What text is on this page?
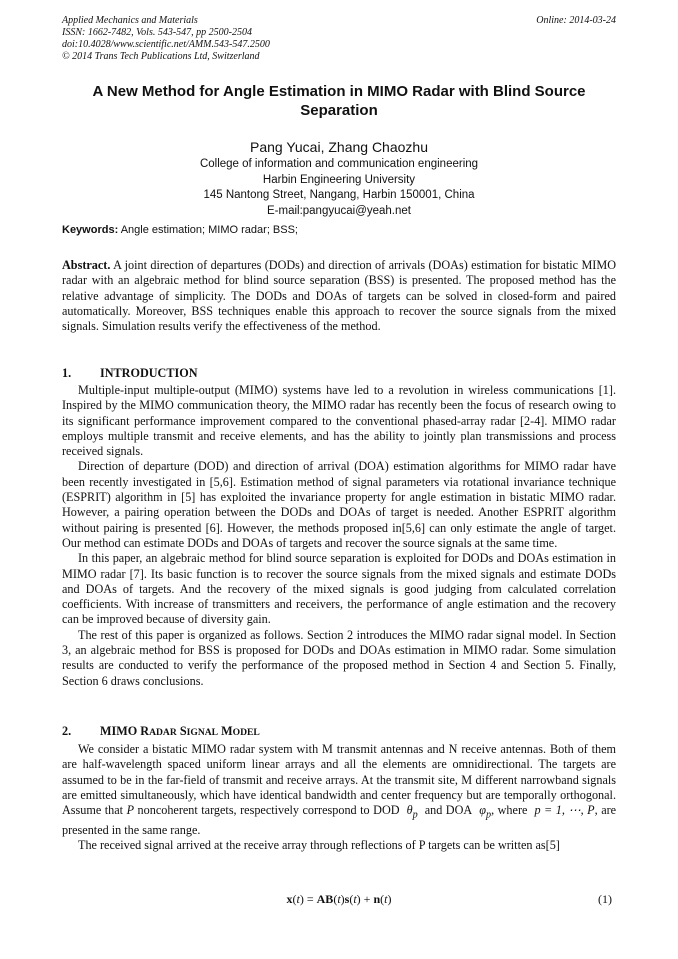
Applied Mechanics and Materials
ISSN: 1662-7482, Vols. 543-547, pp 2500-2504
doi:10.4028/www.scientific.net/AMM.543-547.2500
© 2014 Trans Tech Publications Ltd, Switzerland
Online: 2014-03-24
A New Method for Angle Estimation in MIMO Radar with Blind Source Separation
Pang Yucai, Zhang Chaozhu
College of information and communication engineering
Harbin Engineering University
145 Nantong Street, Nangang, Harbin 150001, China
E-mail:pangyucai@yeah.net
Keywords: Angle estimation; MIMO radar; BSS;

Abstract. A joint direction of departures (DODs) and direction of arrivals (DOAs) estimation for bistatic MIMO radar with an algebraic method for blind source separation (BSS) is presented. The proposed method has the relative advantage of simplicity. The DODs and DOAs of targets can be solved in closed-form and paired automatically. Moreover, BSS techniques enable this approach to recover the source signals from the mixed signals. Simulation results verify the effectiveness of the method.

1. INTRODUCTION

Multiple-input multiple-output (MIMO) systems have led to a revolution in wireless communications [1]. Inspired by the MIMO communication theory, the MIMO radar has recently been the focus of research owing to its significant performance improvement compared to the conventional phased-array radar [2-4]. MIMO radar employs multiple transmit and receive elements, and has the ability to jointly plan transmissions and process received signals.

Direction of departure (DOD) and direction of arrival (DOA) estimation algorithms for MIMO radar have been recently investigated in [5,6]. Estimation method of signal parameters via rotational invariance technique (ESPRIT) algorithm in [5] has exploited the invariance property for angle estimation in bistatic MIMO radar. However, a pairing operation between the DODs and DOAs of target is needed. Another ESPRIT algorithm without pairing is presented [6]. However, the methods proposed in[5,6] can only estimate the angle of target. Our method can estimate DODs and DOAs of targets and recover the source signals at the same time.

In this paper, an algebraic method for blind source separation is exploited for DODs and DOAs estimation in MIMO radar [7]. Its basic function is to recover the source signals from the mixed signals and estimate DODs and DOAs of targets. And the recovery of the mixed signals is good judging from calculated correlation coefficients. With increase of transmitters and receivers, the performance of angle estimation and the recovery can be improved because of diversity gain.

The rest of this paper is organized as follows. Section 2 introduces the MIMO radar signal model. In Section 3, an algebraic method for BSS is proposed for DODs and DOAs estimation in MIMO radar. Some simulation results are conducted to verify the performance of the proposed method in Section 4 and Section 5. Finally, Section 6 draws conclusions.

2. MIMO RADAR SIGNAL MODEL

We consider a bistatic MIMO radar system with M transmit antennas and N receive antennas. Both of them are half-wavelength spaced uniform linear arrays and all the elements are omnidirectional. The targets are assumed to be in the far-field of transmit and receive arrays. At the transmit site, M different narrowband signals are emitted simultaneously, which have identical bandwidth and center frequency but are temporally orthogonal. Assume that P noncoherent targets, respectively correspond to DOD $\theta_p$ and DOA $\varphi_p$, where p = 1, ⋯, P, are presented in the same range.

The received signal arrived at the receive array through reflections of P targets can be written as[5]

x(t) = AB(t)s(t) + n(t)	(1)
